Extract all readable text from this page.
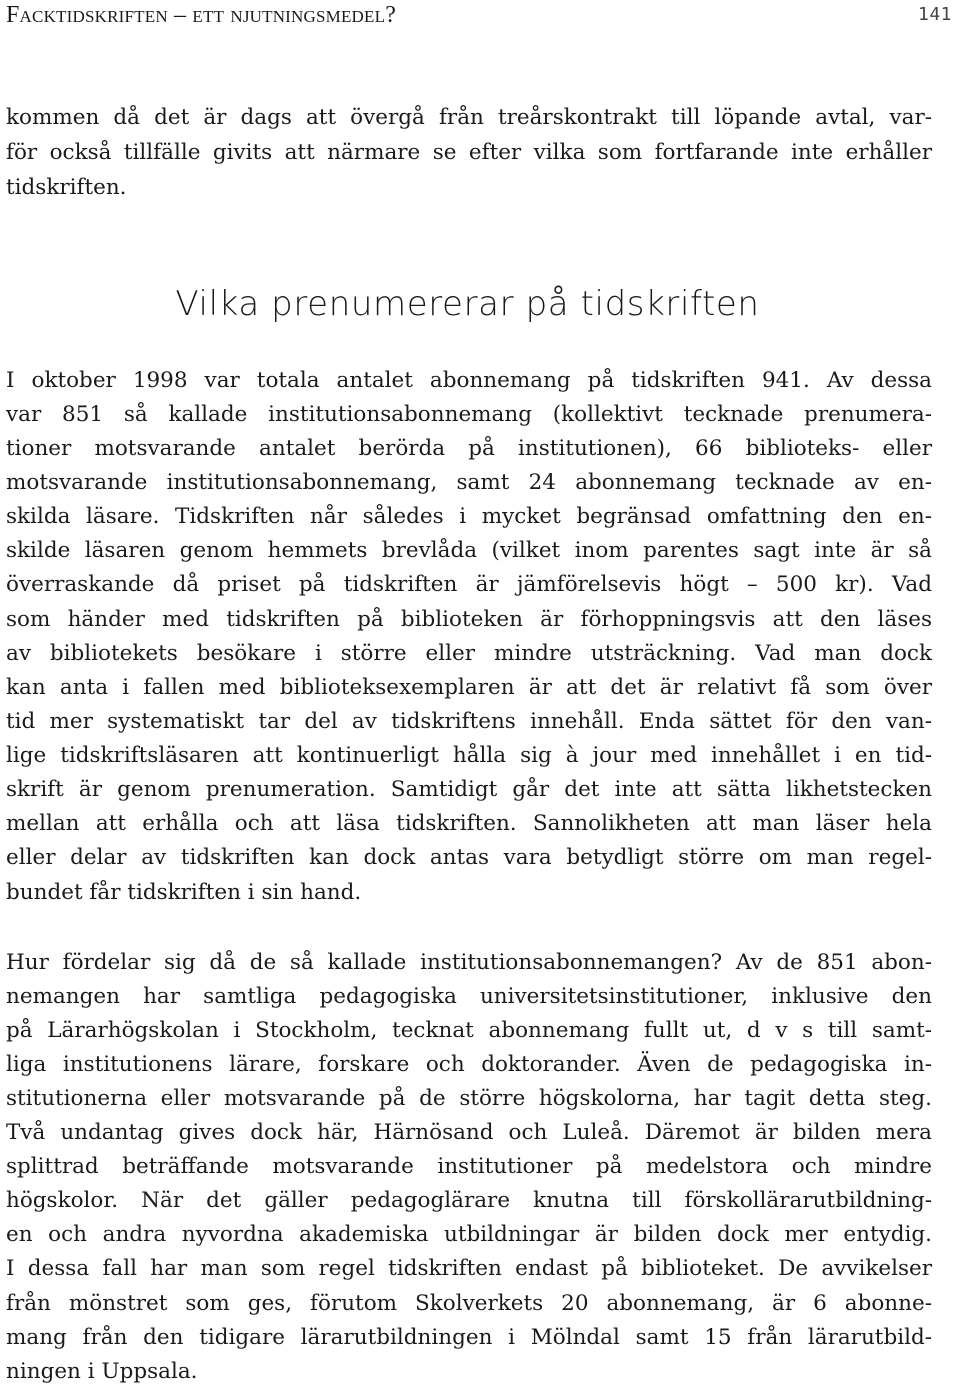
Facktidskriften – ett njutningsmedel?	141
kommen då det är dags att övergå från treårskontrakt till löpande avtal, var-
för också tillfälle givits att närmare se efter vilka som fortfarande inte erhåller
tidskriften.
Vilka prenumererar på tidskriften
I oktober 1998 var totala antalet abonnemang på tidskriften 941. Av dessa
var 851 så kallade institutionsabonnemang (kollektivt tecknade prenumera-
tioner motsvarande antalet berörda på institutionen), 66 biblioteks- eller
motsvarande institutionsabonnemang, samt 24 abonnemang tecknade av en-
skilda läsare. Tidskriften når således i mycket begränsad omfattning den en-
skilde läsaren genom hemmets brevlåda (vilket inom parentes sagt inte är så
överraskande då priset på tidskriften är jämförelsevis högt – 500 kr). Vad
som händer med tidskriften på biblioteken är förhoppningsvis att den läses
av bibliotekets besökare i större eller mindre utsträckning. Vad man dock
kan anta i fallen med biblioteksexemplaren är att det är relativt få som över
tid mer systematiskt tar del av tidskriftens innehåll. Enda sättet för den van-
lige tidskriftsläsaren att kontinuerligt hålla sig à jour med innehållet i en tid-
skrift är genom prenumeration. Samtidigt går det inte att sätta likhetstecken
mellan att erhålla och att läsa tidskriften. Sannolikheten att man läser hela
eller delar av tidskriften kan dock antas vara betydligt större om man regel-
bundet får tidskriften i sin hand.
Hur fördelar sig då de så kallade institutionsabonnemangen? Av de 851 abon-
nemangen har samtliga pedagogiska universitetsinstitutioner, inklusive den
på Lärarhögskolan i Stockholm, tecknat abonnemang fullt ut, d v s till samt-
liga institutionens lärare, forskare och doktorander. Även de pedagogiska in-
stitutionerna eller motsvarande på de större högskolorna, har tagit detta steg.
Två undantag gives dock här, Härnösand och Luleå. Däremot är bilden mera
splittrad beträffande motsvarande institutioner på medelstora och mindre
högskolor. När det gäller pedagoglärare knutna till förskollärarutbildning-
en och andra nyvordna akademiska utbildningar är bilden dock mer entydig.
I dessa fall har man som regel tidskriften endast på biblioteket. De avvikelser
från mönstret som ges, förutom Skolverkets 20 abonnemang, är 6 abonne-
mang från den tidigare lärarutbildningen i Mölndal samt 15 från lärarutbild-
ningen i Uppsala.
